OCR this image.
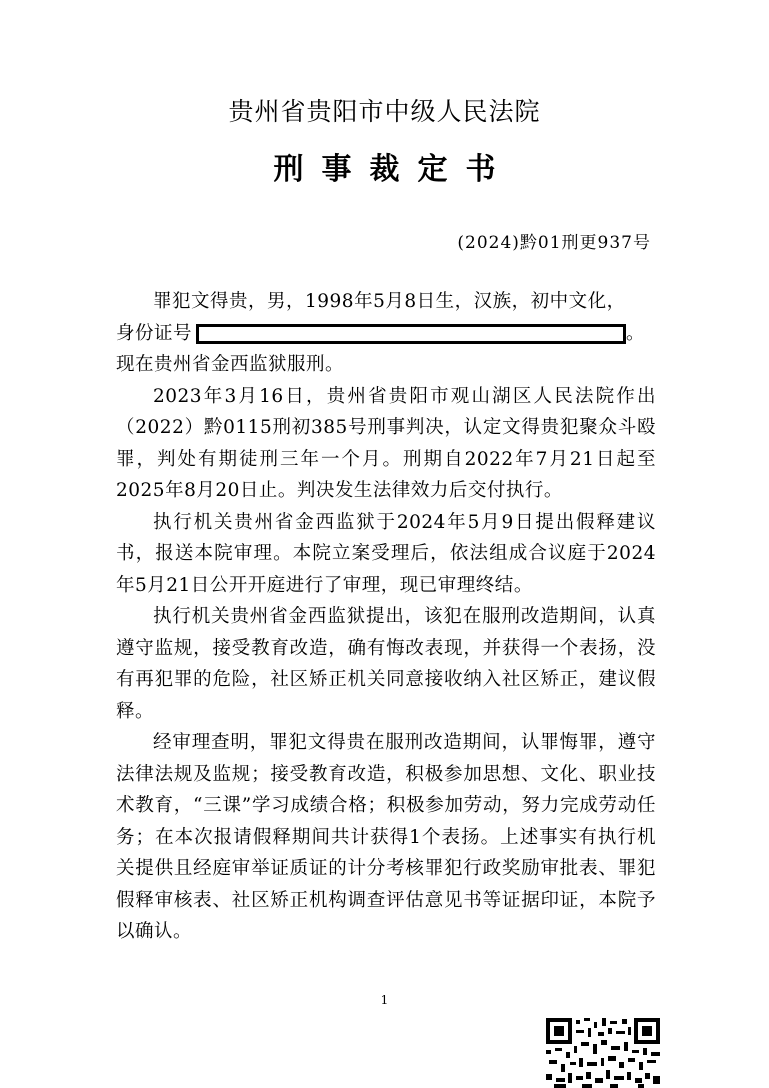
贵州省贵阳市中级人民法院
刑事裁定书
(2024)黔01刑更937号

罪犯文得贵，男，1998年5月8日生，汉族，初中文化，

身份证号	。

现在贵州省金西监狱服刑。

2023年3月16日，贵州省贵阳市观山湖区人民法院作出（2022）黔0115刑初385号刑事判决，认定文得贵犯聚众斗殴罪，判处有期徒刑三年一个月。刑期自2022年7月21日起至2025年8月20日止。判决发生法律效力后交付执行。

执行机关贵州省金西监狱于2024年5月9日提出假释建议书，报送本院审理。本院立案受理后，依法组成合议庭于2024年5月21日公开开庭进行了审理，现已审理终结。

执行机关贵州省金西监狱提出，该犯在服刑改造期间，认真遵守监规，接受教育改造，确有悔改表现，并获得一个表扬，没有再犯罪的危险，社区矫正机关同意接收纳入社区矫正，建议假释。

经审理查明，罪犯文得贵在服刑改造期间，认罪悔罪，遵守法律法规及监规；接受教育改造，积极参加思想、文化、职业技术教育，“三课”学习成绩合格；积极参加劳动，努力完成劳动任务；在本次报请假释期间共计获得1个表扬。上述事实有执行机关提供且经庭审举证质证的计分考核罪犯行政奖励审批表、罪犯假释审核表、社区矫正机构调查评估意见书等证据印证，本院予以确认。

1
